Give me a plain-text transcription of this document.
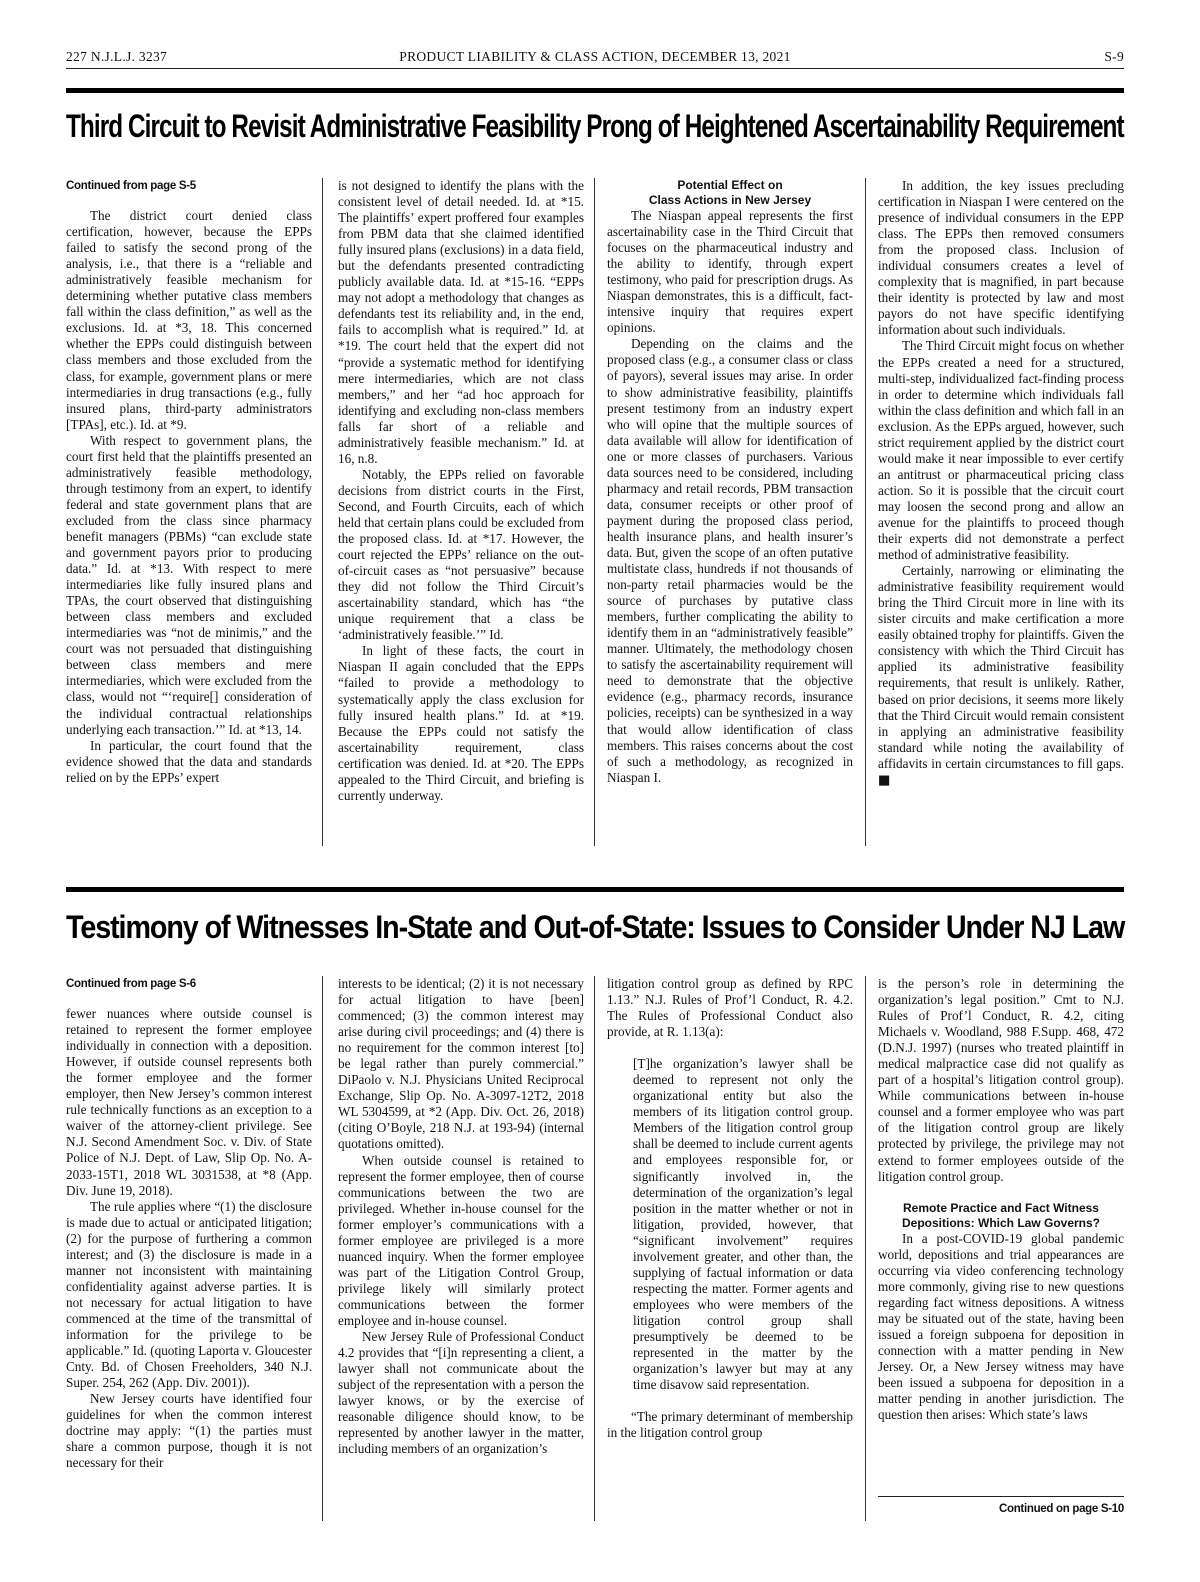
227 N.J.L.J. 3237	PRODUCT LIABILITY & CLASS ACTION, DECEMBER 13, 2021	S-9
Third Circuit to Revisit Administrative Feasibility Prong of Heightened Ascertainability Requirement
Continued from page S-5

The district court denied class certification, however, because the EPPs failed to satisfy the second prong of the analysis, i.e., that there is a “reliable and administratively feasible mechanism for determining whether putative class members fall within the class definition,” as well as the exclusions. Id. at *3, 18. This concerned whether the EPPs could distinguish between class members and those excluded from the class, for example, government plans or mere intermediaries in drug transactions (e.g., fully insured plans, third-party administrators [TPAs], etc.). Id. at *9.

With respect to government plans, the court first held that the plaintiffs presented an administratively feasible methodology, through testimony from an expert, to identify federal and state government plans that are excluded from the class since pharmacy benefit managers (PBMs) “can exclude state and government payors prior to producing data.” Id. at *13. With respect to mere intermediaries like fully insured plans and TPAs, the court observed that distinguishing between class members and excluded intermediaries was “not de minimis,” and the court was not persuaded that distinguishing between class members and mere intermediaries, which were excluded from the class, would not “‘require[] consideration of the individual contractual relationships underlying each transaction.’” Id. at *13, 14.

In particular, the court found that the evidence showed that the data and standards relied on by the EPPs’ expert

is not designed to identify the plans with the consistent level of detail needed. Id. at *15. The plaintiffs’ expert proffered four examples from PBM data that she claimed identified fully insured plans (exclusions) in a data field, but the defendants presented contradicting publicly available data. Id. at *15-16. “EPPs may not adopt a methodology that changes as defendants test its reliability and, in the end, fails to accomplish what is required.” Id. at *19. The court held that the expert did not “provide a systematic method for identifying mere intermediaries, which are not class members,” and her “ad hoc approach for identifying and excluding non-class members falls far short of a reliable and administratively feasible mechanism.” Id. at 16, n.8.

Notably, the EPPs relied on favorable decisions from district courts in the First, Second, and Fourth Circuits, each of which held that certain plans could be excluded from the proposed class. Id. at *17. However, the court rejected the EPPs’ reliance on the out-of-circuit cases as “not persuasive” because they did not follow the Third Circuit’s ascertainability standard, which has “the unique requirement that a class be ‘administratively feasible.’” Id.

In light of these facts, the court in Niaspan II again concluded that the EPPs “failed to provide a methodology to systematically apply the class exclusion for fully insured health plans.” Id. at *19. Because the EPPs could not satisfy the ascertainability requirement, class certification was denied. Id. at *20. The EPPs appealed to the Third Circuit, and briefing is currently underway.

Potential Effect on
Class Actions in New Jersey

The Niaspan appeal represents the first ascertainability case in the Third Circuit that focuses on the pharmaceutical industry and the ability to identify, through expert testimony, who paid for prescription drugs. As Niaspan demonstrates, this is a difficult, fact-intensive inquiry that requires expert opinions.

Depending on the claims and the proposed class (e.g., a consumer class or class of payors), several issues may arise. In order to show administrative feasibility, plaintiffs present testimony from an industry expert who will opine that the multiple sources of data available will allow for identification of one or more classes of purchasers. Various data sources need to be considered, including pharmacy and retail records, PBM transaction data, consumer receipts or other proof of payment during the proposed class period, health insurance plans, and health insurer’s data. But, given the scope of an often putative multistate class, hundreds if not thousands of non-party retail pharmacies would be the source of purchases by putative class members, further complicating the ability to identify them in an “administratively feasible” manner. Ultimately, the methodology chosen to satisfy the ascertainability requirement will need to demonstrate that the objective evidence (e.g., pharmacy records, insurance policies, receipts) can be synthesized in a way that would allow identification of class members. This raises concerns about the cost of such a methodology, as recognized in Niaspan I.

In addition, the key issues precluding certification in Niaspan I were centered on the presence of individual consumers in the EPP class. The EPPs then removed consumers from the proposed class. Inclusion of individual consumers creates a level of complexity that is magnified, in part because their identity is protected by law and most payors do not have specific identifying information about such individuals.

The Third Circuit might focus on whether the EPPs created a need for a structured, multi-step, individualized fact-finding process in order to determine which individuals fall within the class definition and which fall in an exclusion. As the EPPs argued, however, such strict requirement applied by the district court would make it near impossible to ever certify an antitrust or pharmaceutical pricing class action. So it is possible that the circuit court may loosen the second prong and allow an avenue for the plaintiffs to proceed though their experts did not demonstrate a perfect method of administrative feasibility.

Certainly, narrowing or eliminating the administrative feasibility requirement would bring the Third Circuit more in line with its sister circuits and make certification a more easily obtained trophy for plaintiffs. Given the consistency with which the Third Circuit has applied its administrative feasibility requirements, that result is unlikely. Rather, based on prior decisions, it seems more likely that the Third Circuit would remain consistent in applying an administrative feasibility standard while noting the availability of affidavits in certain circumstances to fill gaps. ■

Testimony of Witnesses In-State and Out-of-State: Issues to Consider Under NJ Law
Continued from page S-6

fewer nuances where outside counsel is retained to represent the former employee individually in connection with a deposition. However, if outside counsel represents both the former employee and the former employer, then New Jersey’s common interest rule technically functions as an exception to a waiver of the attorney-client privilege. See N.J. Second Amendment Soc. v. Div. of State Police of N.J. Dept. of Law, Slip Op. No. A-2033-15T1, 2018 WL 3031538, at *8 (App. Div. June 19, 2018).

The rule applies where “(1) the disclosure is made due to actual or anticipated litigation; (2) for the purpose of furthering a common interest; and (3) the disclosure is made in a manner not inconsistent with maintaining confidentiality against adverse parties. It is not necessary for actual litigation to have commenced at the time of the transmittal of information for the privilege to be applicable.” Id. (quoting Laporta v. Gloucester Cnty. Bd. of Chosen Freeholders, 340 N.J. Super. 254, 262 (App. Div. 2001)).

New Jersey courts have identified four guidelines for when the common interest doctrine may apply: “(1) the parties must share a common purpose, though it is not necessary for their

interests to be identical; (2) it is not necessary for actual litigation to have [been] commenced; (3) the common interest may arise during civil proceedings; and (4) there is no requirement for the common interest [to] be legal rather than purely commercial.” DiPaolo v. N.J. Physicians United Reciprocal Exchange, Slip Op. No. A-3097-12T2, 2018 WL 5304599, at *2 (App. Div. Oct. 26, 2018) (citing O’Boyle, 218 N.J. at 193-94) (internal quotations omitted).

When outside counsel is retained to represent the former employee, then of course communications between the two are privileged. Whether in-house counsel for the former employer’s communications with a former employee are privileged is a more nuanced inquiry. When the former employee was part of the Litigation Control Group, privilege likely will similarly protect communications between the former employee and in-house counsel.

New Jersey Rule of Professional Conduct 4.2 provides that “[i]n representing a client, a lawyer shall not communicate about the subject of the representation with a person the lawyer knows, or by the exercise of reasonable diligence should know, to be represented by another lawyer in the matter, including members of an organization’s

litigation control group as defined by RPC 1.13.” N.J. Rules of Prof’l Conduct, R. 4.2. The Rules of Professional Conduct also provide, at R. 1.13(a):

[T]he organization’s lawyer shall be deemed to represent not only the organizational entity but also the members of its litigation control group. Members of the litigation control group shall be deemed to include current agents and employees responsible for, or significantly involved in, the determination of the organization’s legal position in the matter whether or not in litigation, provided, however, that “significant involvement” requires involvement greater, and other than, the supplying of factual information or data respecting the matter. Former agents and employees who were members of the litigation control group shall presumptively be deemed to be represented in the matter by the organization’s lawyer but may at any time disavow said representation.

“The primary determinant of membership in the litigation control group

is the person’s role in determining the organization’s legal position.” Cmt to N.J. Rules of Prof’l Conduct, R. 4.2, citing Michaels v. Woodland, 988 F.Supp. 468, 472 (D.N.J. 1997) (nurses who treated plaintiff in medical malpractice case did not qualify as part of a hospital’s litigation control group). While communications between in-house counsel and a former employee who was part of the litigation control group are likely protected by privilege, the privilege may not extend to former employees outside of the litigation control group.

Remote Practice and Fact Witness
Depositions: Which Law Governs?

In a post-COVID-19 global pandemic world, depositions and trial appearances are occurring via video conferencing technology more commonly, giving rise to new questions regarding fact witness depositions. A witness may be situated out of the state, having been issued a foreign subpoena for deposition in connection with a matter pending in New Jersey. Or, a New Jersey witness may have been issued a subpoena for deposition in a matter pending in another jurisdiction. The question then arises: Which state’s laws

Continued on page S-10
